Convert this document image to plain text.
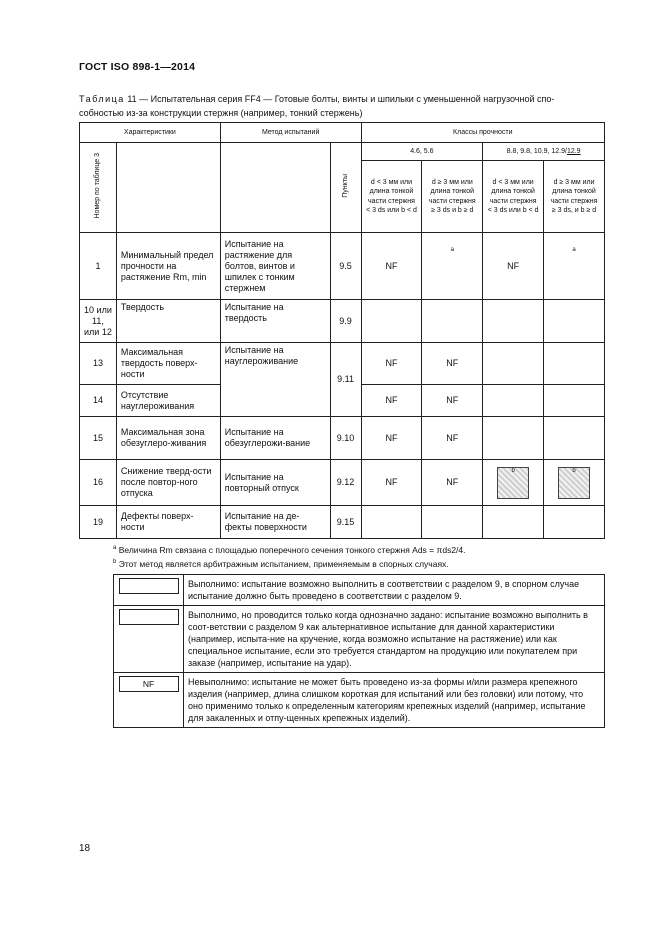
ГОСТ ISO 898-1—2014
Таблица 11 — Испытательная серия FF4 — Готовые болты, винты и шпильки с уменьшенной нагрузочной спо-собностью из-за конструкции стержня (например, тонкий стержень)
Характеристики		Метод испытаний		Классы прочности			
Номер по таблице 3			Пункты	4.6, 5.6		8.8, 9.8, 10.9, 12.9/12.9	
				d < 3 мм или длина тонкой части стержня < 3 ds или b < d	d ≥ 3 мм или длина тонкой части стержня ≥ 3 ds и b ≥ d	d < 3 мм или длина тонкой части стержня < 3 ds или b < d	d ≥ 3 мм или длина тонкой части стержня ≥ 3 ds, и b ≥ d
1	Минимальный предел прочности на растяжение Rm, min	Испытание на растяжение для болтов, винтов и шпилек с тонким стержнем	9.5	NF	$^a$	NF	$^a$
10 или 11, или 12	Твердость	Испытание на твердость	9.9				
13	Максимальная твердость поверх-ности	Испытание на науглероживание	9.11	NF	NF		
14	Отсутствие науглероживания			NF	NF		
15	Максимальная зона обезуглеро-живания	Испытание на обезуглерожи-вание	9.10	NF	NF		
16	Снижение тверд-ости после повтор-ного отпуска	Испытание на повторный отпуск	9.12	NF	NF	$^b$	$^b$

19	Дефекты поверх-ности	Испытание на де-фекты поверхности	9.15				
$^a$ Величина Rm связана с площадью поперечного сечения тонкого стержня Ads = πds2/4.
$^b$ Этот метод является арбитражным испытанием, применяемым в спорных случаях.
	Выполнимо: испытание возможно выполнить в соответствии с разделом 9, в спорном случае испытание должно быть проведено в соответствии с разделом 9.

	Выполнимо, но проводится только когда однозначно задано: испытание возможно выполнить в соот-ветствии с разделом 9 как альтернативное испытание для данной характеристики (например, испыта-ние на кручение, когда возможно испытание на растяжение) или как специальное испытание, если это требуется стандартом на продукцию или покупателем при заказе (например, испытание на удар).

NF	Невыполнимо: испытание не может быть проведено из-за формы и/или размера крепежного изделия (например, длина слишком короткая для испытаний или без головки) или потому, что оно применимо только к определенным категориям крепежных изделий (например, испытание для закаленных и отпу-щенных крепежных изделий).
18
